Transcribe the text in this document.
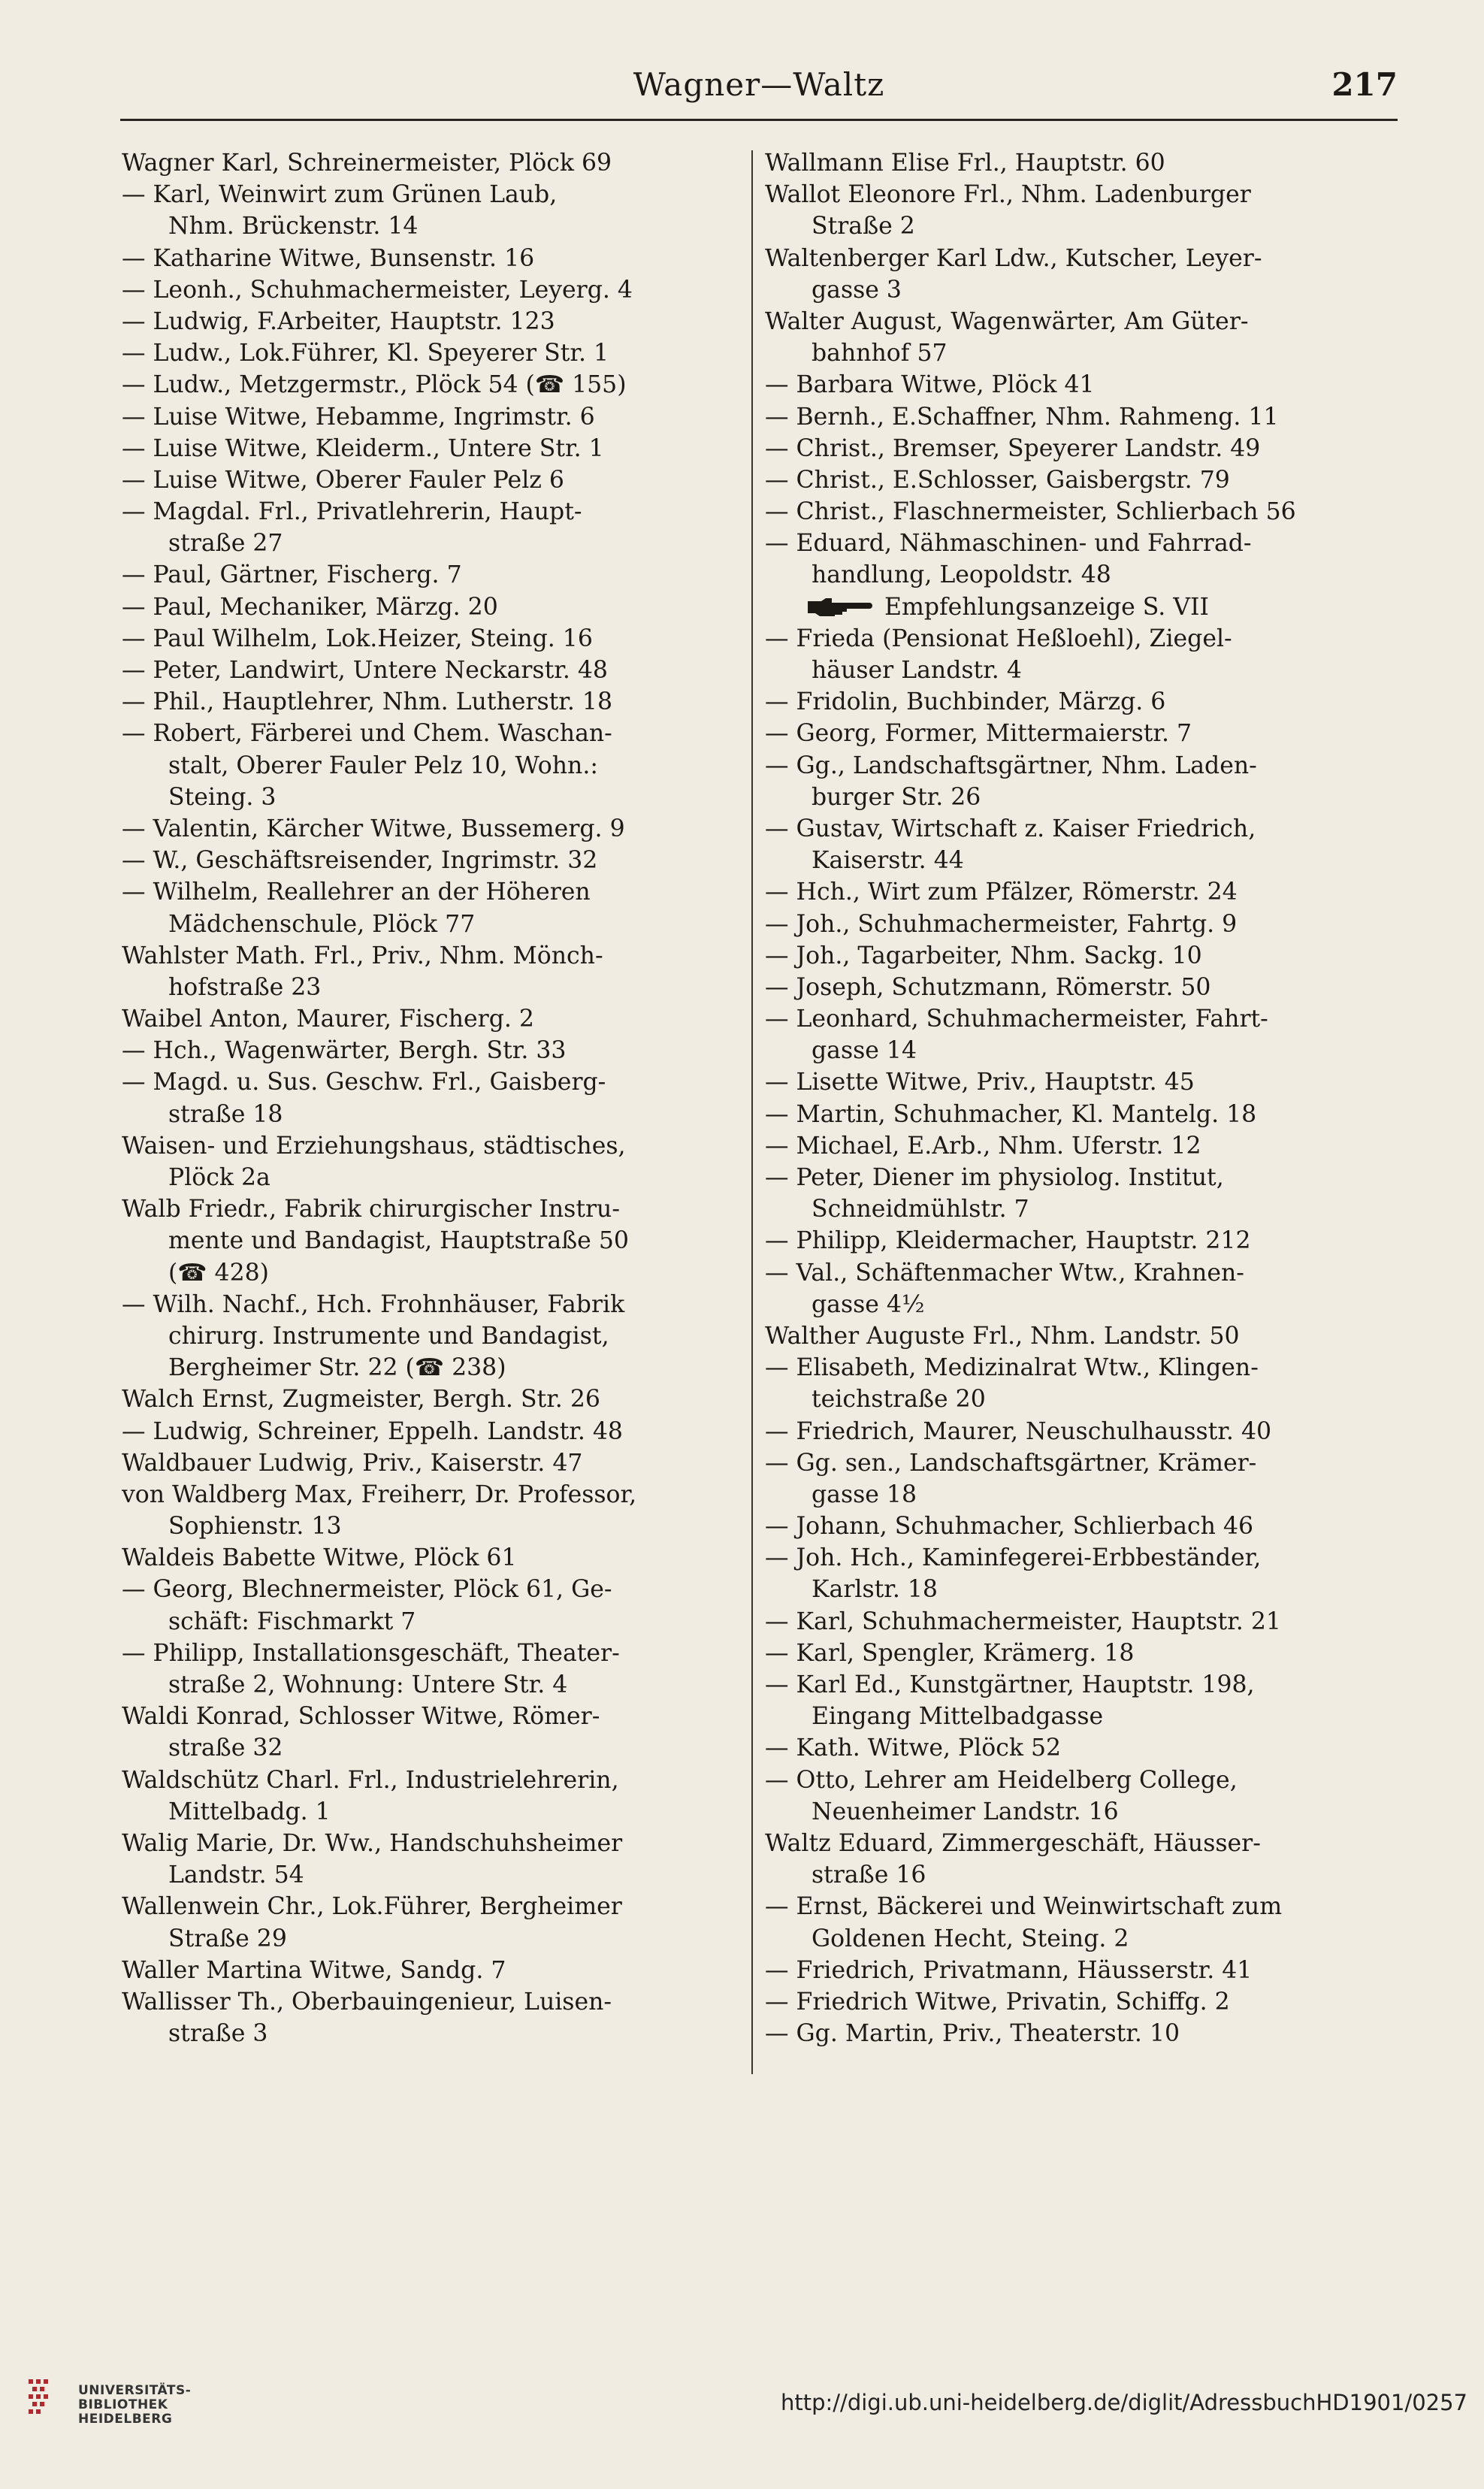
Wagner—Waltz	217
Wagner Karl, Schreinermeister, Plöck 69
— Karl, Weinwirt zum Grünen Laub,
Nhm. Brückenstr. 14
— Katharine Witwe, Bunsenstr. 16
— Leonh., Schuhmachermeister, Leyerg. 4
— Ludwig, F.Arbeiter, Hauptstr. 123
— Ludw., Lok.Führer, Kl. Speyerer Str. 1
— Ludw., Metzgermstr., Plöck 54 (☎ 155)
— Luise Witwe, Hebamme, Ingrimstr. 6
— Luise Witwe, Kleiderm., Untere Str. 1
— Luise Witwe, Oberer Fauler Pelz 6
— Magdal. Frl., Privatlehrerin, Haupt-
straße 27
— Paul, Gärtner, Fischerg. 7
— Paul, Mechaniker, Märzg. 20
— Paul Wilhelm, Lok.Heizer, Steing. 16
— Peter, Landwirt, Untere Neckarstr. 48
— Phil., Hauptlehrer, Nhm. Lutherstr. 18
— Robert, Färberei und Chem. Waschan-
stalt, Oberer Fauler Pelz 10, Wohn.:
Steing. 3
— Valentin, Kärcher Witwe, Bussemerg. 9
— W., Geschäftsreisender, Ingrimstr. 32
— Wilhelm, Reallehrer an der Höheren
Mädchenschule, Plöck 77
Wahlster Math. Frl., Priv., Nhm. Mönch-
hofstraße 23
Waibel Anton, Maurer, Fischerg. 2
— Hch., Wagenwärter, Bergh. Str. 33
— Magd. u. Sus. Geschw. Frl., Gaisberg-
straße 18
Waisen- und Erziehungshaus, städtisches,
Plöck 2a
Walb Friedr., Fabrik chirurgischer Instru-
mente und Bandagist, Hauptstraße 50
(☎ 428)
— Wilh. Nachf., Hch. Frohnhäuser, Fabrik
chirurg. Instrumente und Bandagist,
Bergheimer Str. 22 (☎ 238)
Walch Ernst, Zugmeister, Bergh. Str. 26
— Ludwig, Schreiner, Eppelh. Landstr. 48
Waldbauer Ludwig, Priv., Kaiserstr. 47
von Waldberg Max, Freiherr, Dr. Professor,
Sophienstr. 13
Waldeis Babette Witwe, Plöck 61
— Georg, Blechnermeister, Plöck 61, Ge-
schäft: Fischmarkt 7
— Philipp, Installationsgeschäft, Theater-
straße 2, Wohnung: Untere Str. 4
Waldi Konrad, Schlosser Witwe, Römer-
straße 32
Waldschütz Charl. Frl., Industrielehrerin,
Mittelbadg. 1
Walig Marie, Dr. Ww., Handschuhsheimer
Landstr. 54
Wallenwein Chr., Lok.Führer, Bergheimer
Straße 29
Waller Martina Witwe, Sandg. 7
Wallisser Th., Oberbauingenieur, Luisen-
straße 3
Wallmann Elise Frl., Hauptstr. 60
Wallot Eleonore Frl., Nhm. Ladenburger
Straße 2
Waltenberger Karl Ldw., Kutscher, Leyer-
gasse 3
Walter August, Wagenwärter, Am Güter-
bahnhof 57
— Barbara Witwe, Plöck 41
— Bernh., E.Schaffner, Nhm. Rahmeng. 11
— Christ., Bremser, Speyerer Landstr. 49
— Christ., E.Schlosser, Gaisbergstr. 79
— Christ., Flaschnermeister, Schlierbach 56
— Eduard, Nähmaschinen- und Fahrrad-
handlung, Leopoldstr. 48
Empfehlungsanzeige S. VII
— Frieda (Pensionat Heßloehl), Ziegel-
häuser Landstr. 4
— Fridolin, Buchbinder, Märzg. 6
— Georg, Former, Mittermaierstr. 7
— Gg., Landschaftsgärtner, Nhm. Laden-
burger Str. 26
— Gustav, Wirtschaft z. Kaiser Friedrich,
Kaiserstr. 44
— Hch., Wirt zum Pfälzer, Römerstr. 24
— Joh., Schuhmachermeister, Fahrtg. 9
— Joh., Tagarbeiter, Nhm. Sackg. 10
— Joseph, Schutzmann, Römerstr. 50
— Leonhard, Schuhmachermeister, Fahrt-
gasse 14
— Lisette Witwe, Priv., Hauptstr. 45
— Martin, Schuhmacher, Kl. Mantelg. 18
— Michael, E.Arb., Nhm. Uferstr. 12
— Peter, Diener im physiolog. Institut,
Schneidmühlstr. 7
— Philipp, Kleidermacher, Hauptstr. 212
— Val., Schäftenmacher Wtw., Krahnen-
gasse 4½
Walther Auguste Frl., Nhm. Landstr. 50
— Elisabeth, Medizinalrat Wtw., Klingen-
teichstraße 20
— Friedrich, Maurer, Neuschulhausstr. 40
— Gg. sen., Landschaftsgärtner, Krämer-
gasse 18
— Johann, Schuhmacher, Schlierbach 46
— Joh. Hch., Kaminfegerei-Erbbeständer,
Karlstr. 18
— Karl, Schuhmachermeister, Hauptstr. 21
— Karl, Spengler, Krämerg. 18
— Karl Ed., Kunstgärtner, Hauptstr. 198,
Eingang Mittelbadgasse
— Kath. Witwe, Plöck 52
— Otto, Lehrer am Heidelberg College,
Neuenheimer Landstr. 16
Waltz Eduard, Zimmergeschäft, Häusser-
straße 16
— Ernst, Bäckerei und Weinwirtschaft zum
Goldenen Hecht, Steing. 2
— Friedrich, Privatmann, Häusserstr. 41
— Friedrich Witwe, Privatin, Schiffg. 2
— Gg. Martin, Priv., Theaterstr. 10
UNIVERSITÄTS-
BIBLIOTHEK
HEIDELBERG
http://digi.ub.uni-heidelberg.de/diglit/AdressbuchHD1901/0257
